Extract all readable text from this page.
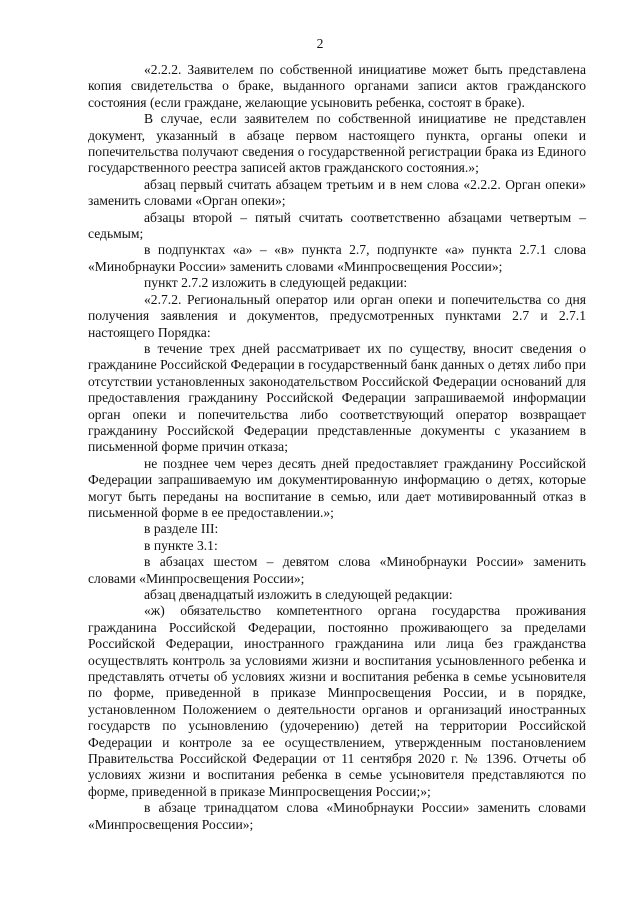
2

«2.2.2. Заявителем по собственной инициативе может быть представлена копия свидетельства о браке, выданного органами записи актов гражданского состояния (если граждане, желающие усыновить ребенка, состоят в браке).

В случае, если заявителем по собственной инициативе не представлен документ, указанный в абзаце первом настоящего пункта, органы опеки и попечительства получают сведения о государственной регистрации брака из Единого государственного реестра записей актов гражданского состояния.»;

абзац первый считать абзацем третьим и в нем слова «2.2.2. Орган опеки» заменить словами «Орган опеки»;

абзацы второй – пятый считать соответственно абзацами четвертым – седьмым;

в подпунктах «а» – «в» пункта 2.7, подпункте «а» пункта 2.7.1 слова «Минобрнауки России» заменить словами «Минпросвещения России»;

пункт 2.7.2 изложить в следующей редакции:

«2.7.2. Региональный оператор или орган опеки и попечительства со дня получения заявления и документов, предусмотренных пунктами 2.7 и 2.7.1 настоящего Порядка:

в течение трех дней рассматривает их по существу, вносит сведения о гражданине Российской Федерации в государственный банк данных о детях либо при отсутствии установленных законодательством Российской Федерации оснований для предоставления гражданину Российской Федерации запрашиваемой информации орган опеки и попечительства либо соответствующий оператор возвращает гражданину Российской Федерации представленные документы с указанием в письменной форме причин отказа;

не позднее чем через десять дней предоставляет гражданину Российской Федерации запрашиваемую им документированную информацию о детях, которые могут быть переданы на воспитание в семью, или дает мотивированный отказ в письменной форме в ее предоставлении.»;

в разделе III:

в пункте 3.1:

в абзацах шестом – девятом слова «Минобрнауки России» заменить словами «Минпросвещения России»;

абзац двенадцатый изложить в следующей редакции:

«ж) обязательство компетентного органа государства проживания гражданина Российской Федерации, постоянно проживающего за пределами Российской Федерации, иностранного гражданина или лица без гражданства осуществлять контроль за условиями жизни и воспитания усыновленного ребенка и представлять отчеты об условиях жизни и воспитания ребенка в семье усыновителя по форме, приведенной в приказе Минпросвещения России, и в порядке, установленном Положением о деятельности органов и организаций иностранных государств по усыновлению (удочерению) детей на территории Российской Федерации и контроле за ее осуществлением, утвержденным постановлением Правительства Российской Федерации от 11 сентября 2020 г. № 1396. Отчеты об условиях жизни и воспитания ребенка в семье усыновителя представляются по форме, приведенной в приказе Минпросвещения России;»;

в абзаце тринадцатом слова «Минобрнауки России» заменить словами «Минпросвещения России»;
